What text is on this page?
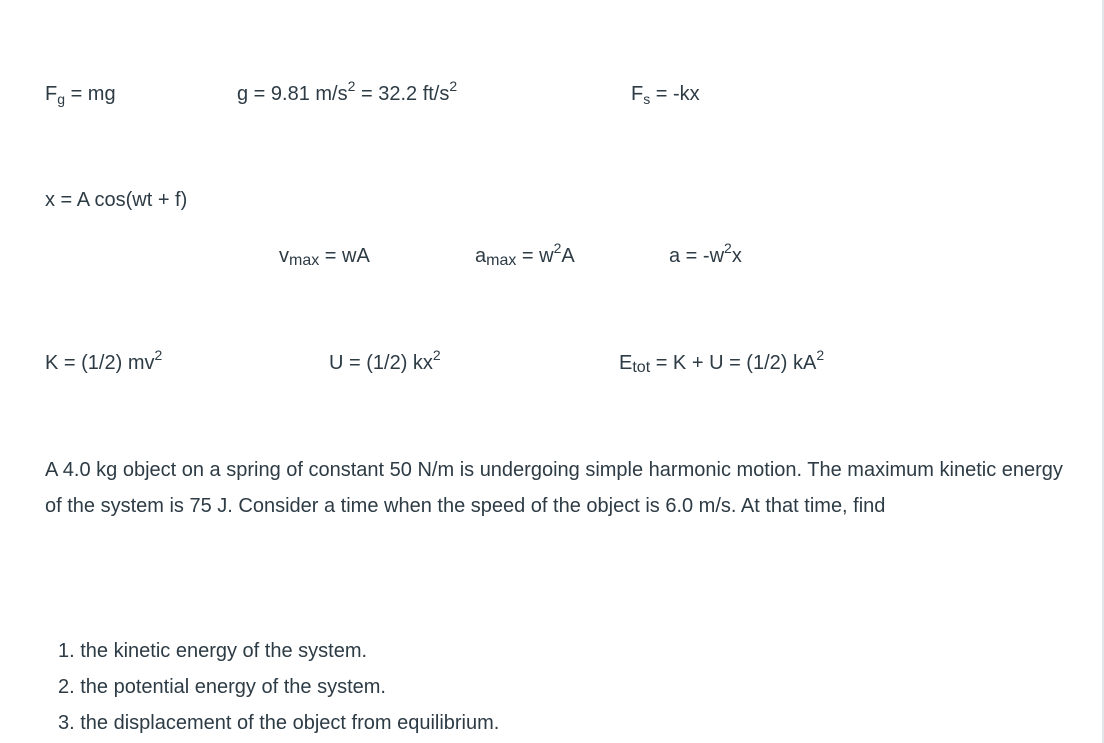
$F_g$ = mg	g = 9.81 $m/s^2 = 32.2$ $ft/s^2$	$F_s = -kx$
x = A cos(wt + f)
$v_{max}$ = wA	$a_{max} = w^2A$	$a = -w^2x$
K = (1/2) $mv^2$	U = (1/2) $kx^2$	$E_{tot} = K + U = (1/2)$ $kA^2$

A 4.0 kg object on a spring of constant 50 N/m is undergoing simple harmonic motion. The maximum kinetic energy of the system is 75 J. Consider a time when the speed of the object is 6.0 m/s. At that time, find

1. the kinetic energy of the system.
2. the potential energy of the system.
3. the displacement of the object from equilibrium.
